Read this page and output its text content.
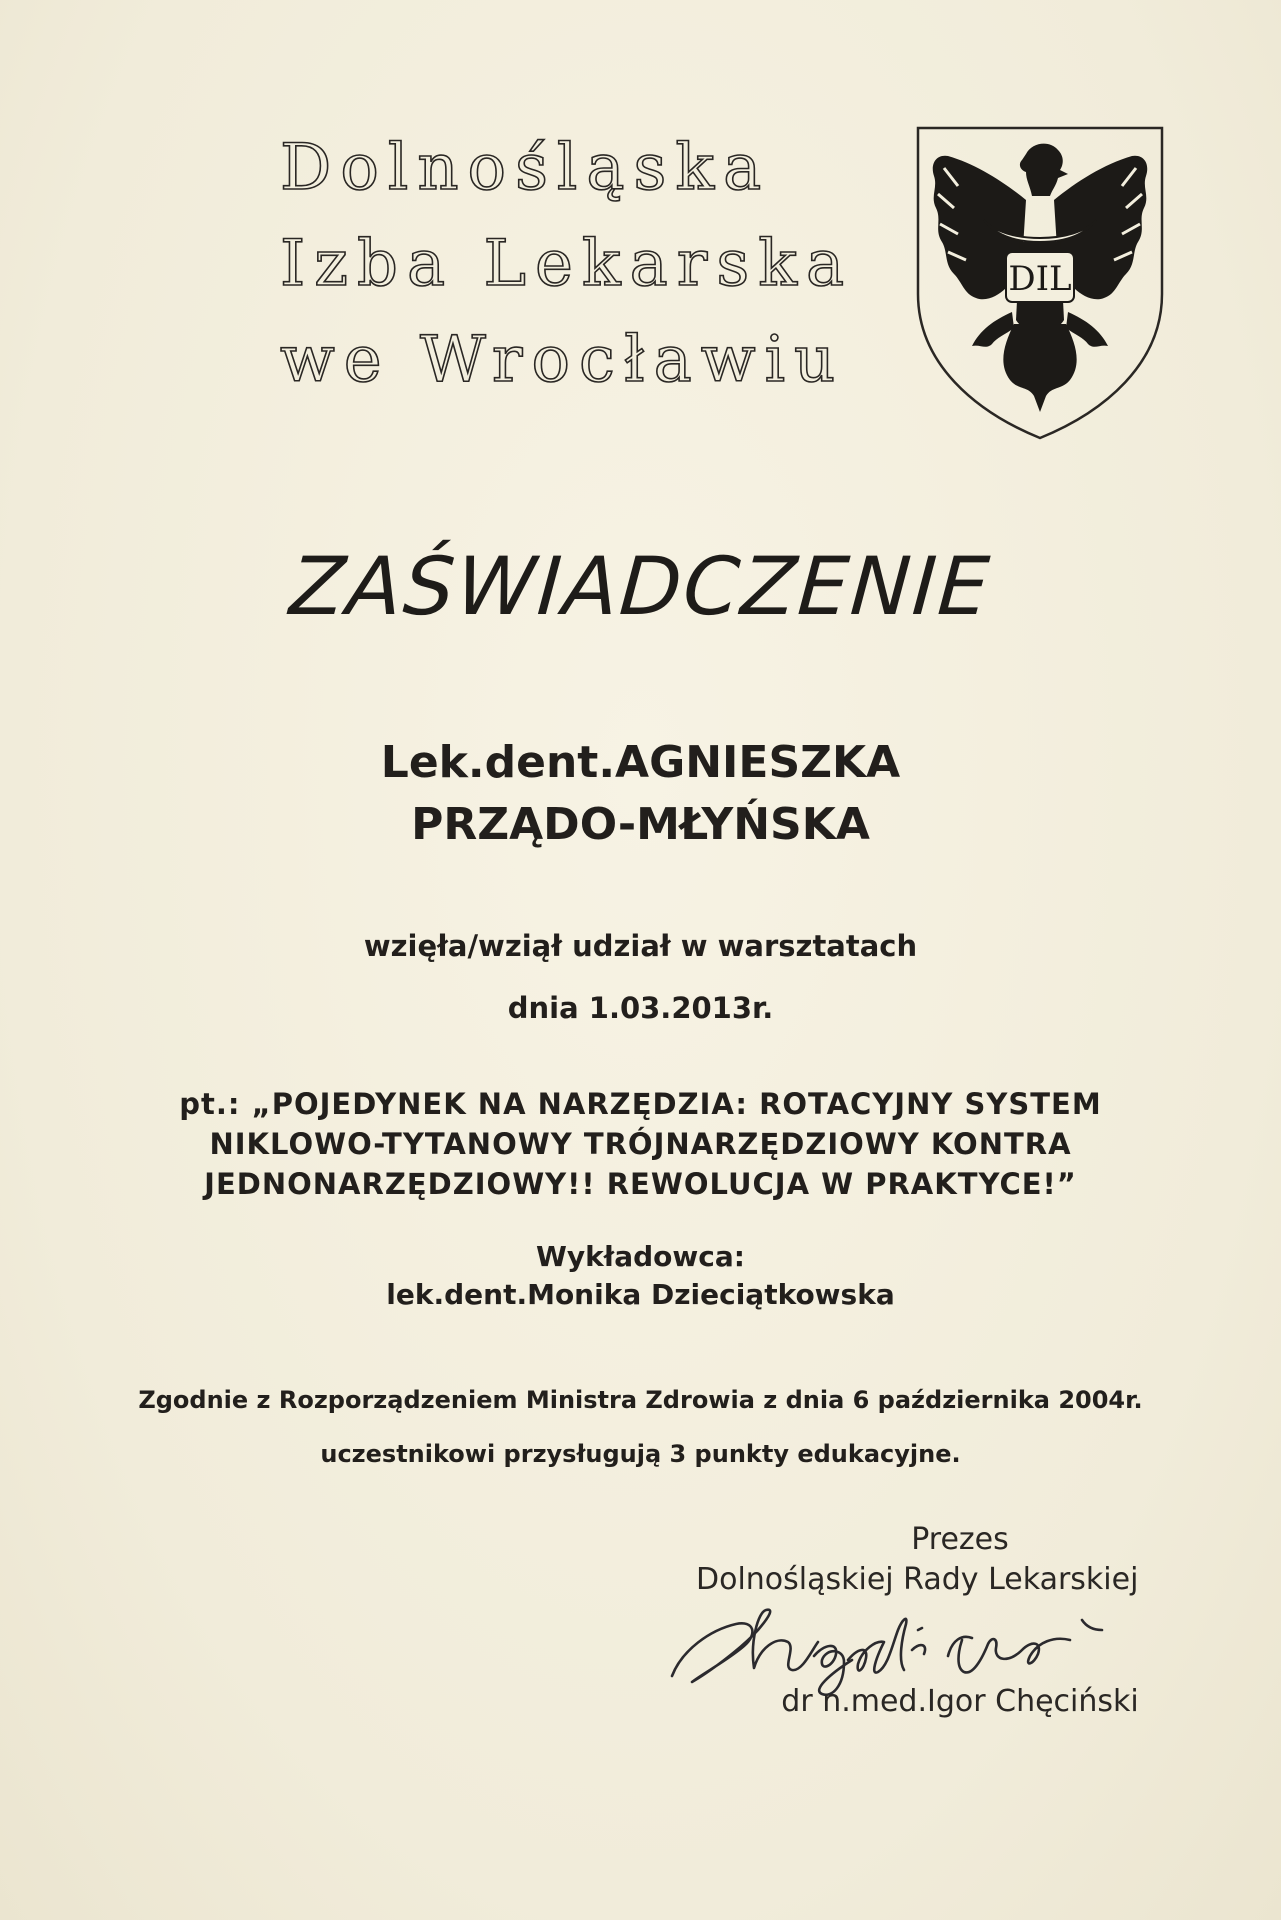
Dolnośląska
Izba Lekarska
we Wrocławiu
DIL
ZAŚWIADCZENIE
Lek.dent.AGNIESZKA
PRZĄDO-MŁYŃSKA
wzięła/wziął udział w warsztatach
dnia 1.03.2013r.
pt.: „POJEDYNEK NA NARZĘDZIA: ROTACYJNY SYSTEM
NIKLOWO-TYTANOWY TRÓJNARZĘDZIOWY KONTRA
JEDNONARZĘDZIOWY!! REWOLUCJA W PRAKTYCE!”
Wykładowca:
lek.dent.Monika Dzieciątkowska
Zgodnie z Rozporządzeniem Ministra Zdrowia z dnia 6 października 2004r.
uczestnikowi przysługują 3 punkty edukacyjne.
Prezes
Dolnośląskiej Rady Lekarskiej
dr n.med.Igor Chęciński
